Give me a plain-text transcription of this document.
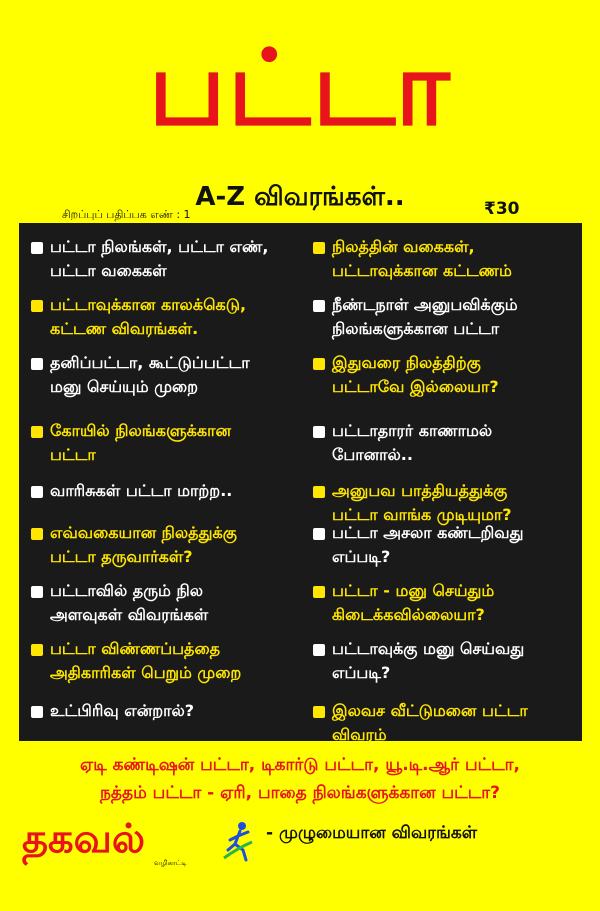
பட்டா
A-Z விவரங்கள்..
சிறப்புப் பதிப்பக எண் : 1	₹30
பட்டா நிலங்கள், பட்டா எண்,
பட்டா வகைகள்
பட்டாவுக்கான காலக்கெடு,
கட்டண விவரங்கள்.
தனிப்பட்டா, கூட்டுப்பட்டா
மனு செய்யும் முறை
கோயில் நிலங்களுக்கான
பட்டா
வாரிசுகள் பட்டா மாற்ற..
எவ்வகையான நிலத்துக்கு
பட்டா தருவார்கள்?
பட்டாவில் தரும் நில
அளவுகள் விவரங்கள்
பட்டா விண்ணப்பத்தை
அதிகாரிகள் பெறும் முறை
உட்பிரிவு என்றால்?
நிலத்தின் வகைகள்,
பட்டாவுக்கான கட்டணம்
நீண்டநாள் அனுபவிக்கும்
நிலங்களுக்கான பட்டா
இதுவரை நிலத்திற்கு
பட்டாவே இல்லையா?
பட்டாதாரர் காணாமல்
போனால்..
அனுபவ பாத்தியத்துக்கு
பட்டா வாங்க முடியுமா?
பட்டா அசலா கண்டறிவது
எப்படி?
பட்டா - மனு செய்தும்
கிடைக்கவில்லையா?
பட்டாவுக்கு மனு செய்வது
எப்படி?
இலவச வீட்டுமனை பட்டா
விவரம்
ஏடி கண்டிஷன் பட்டா, டிகார்டு பட்டா, யூ.டி.ஆர் பட்டா,
நத்தம் பட்டா - ஏரி, பாதை நிலங்களுக்கான பட்டா?
தகவல்
வழிகாட்டி
- முழுமையான விவரங்கள்
